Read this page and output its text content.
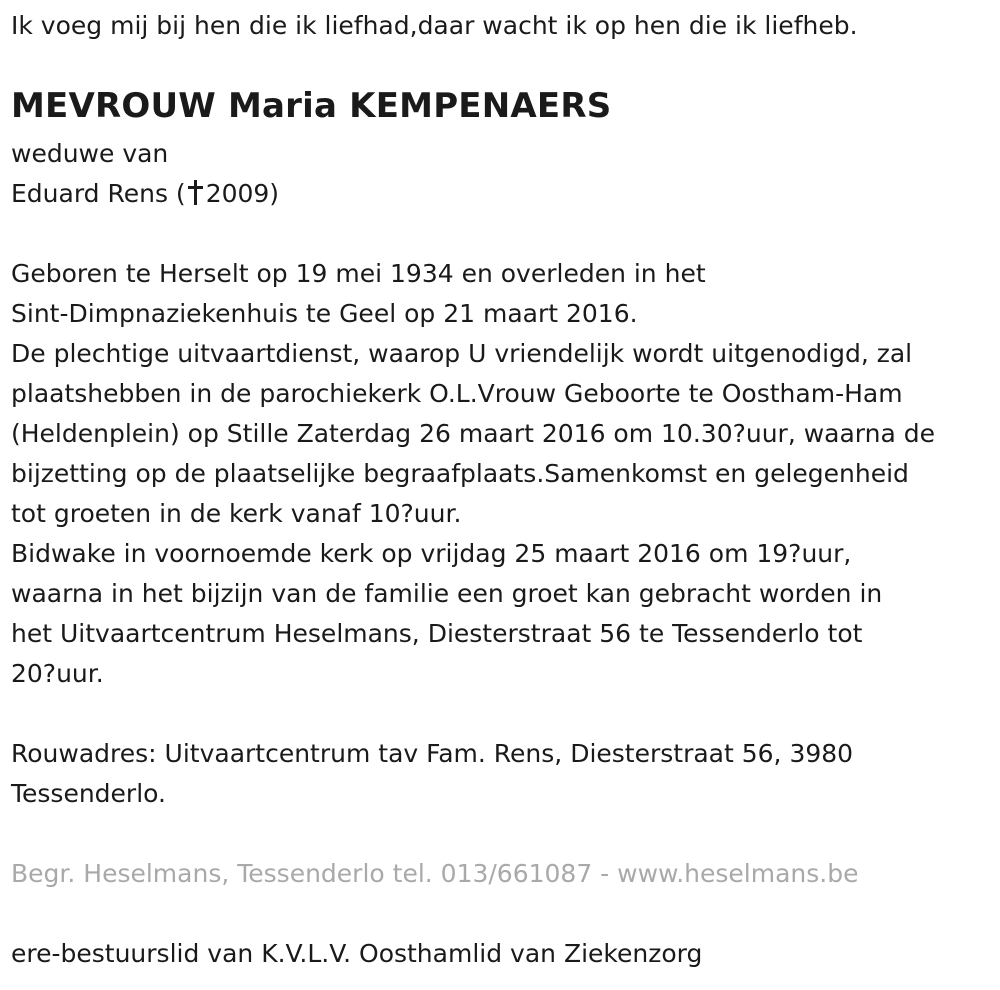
Ik voeg mij bij hen die ik liefhad,daar wacht ik op hen die ik liefheb.
MEVROUW Maria KEMPENAERS
weduwe van
Eduard Rens ( 2009)
Geboren te Herselt op 19 mei 1934 en overleden in het
Sint-Dimpnaziekenhuis te Geel op 21 maart 2016.
De plechtige uitvaartdienst, waarop U vriendelijk wordt uitgenodigd, zal
plaatshebben in de parochiekerk O.L.Vrouw Geboorte te Oostham-Ham
(Heldenplein) op Stille Zaterdag 26 maart 2016 om 10.30?uur, waarna de
bijzetting op de plaatselijke begraafplaats.Samenkomst en gelegenheid
tot groeten in de kerk vanaf 10?uur.
Bidwake in voornoemde kerk op vrijdag 25 maart 2016 om 19?uur,
waarna in het bijzijn van de familie een groet kan gebracht worden in
het Uitvaartcentrum Heselmans, Diesterstraat 56 te Tessenderlo tot
20?uur.
Rouwadres: Uitvaartcentrum tav Fam. Rens, Diesterstraat 56, 3980
Tessenderlo.
Begr. Heselmans, Tessenderlo tel. 013/661087 - www.heselmans.be
ere-bestuurslid van K.V.L.V. Oosthamlid van Ziekenzorg
